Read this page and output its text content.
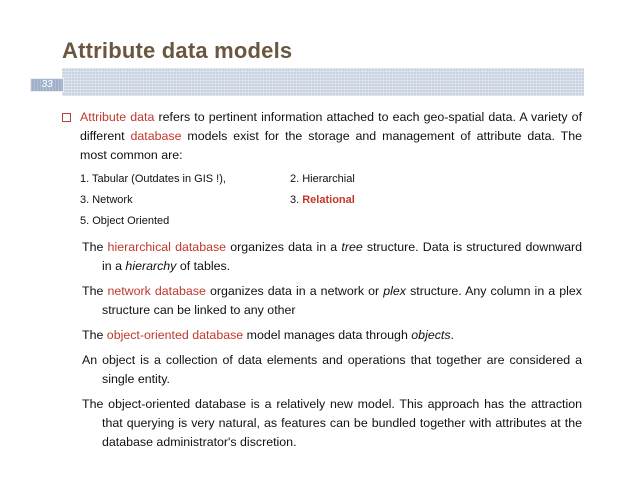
Attribute data models
33
Attribute data refers to pertinent information attached to each geo-spatial data. A variety of different database models exist for the storage and management of attribute data. The most common are:
1. Tabular (Outdates in GIS !),	2. Hierarchial
3. Network	3. Relational
5. Object Oriented
The hierarchical database organizes data in a tree structure. Data is structured downward in a hierarchy of tables.
The network database organizes data in a network or plex structure. Any column in a plex structure can be linked to any other
The object-oriented database model manages data through objects.
An object is a collection of data elements and operations that together are considered a single entity.
The object-oriented database is a relatively new model. This approach has the attraction that querying is very natural, as features can be bundled together with attributes at the database administrator's discretion.
